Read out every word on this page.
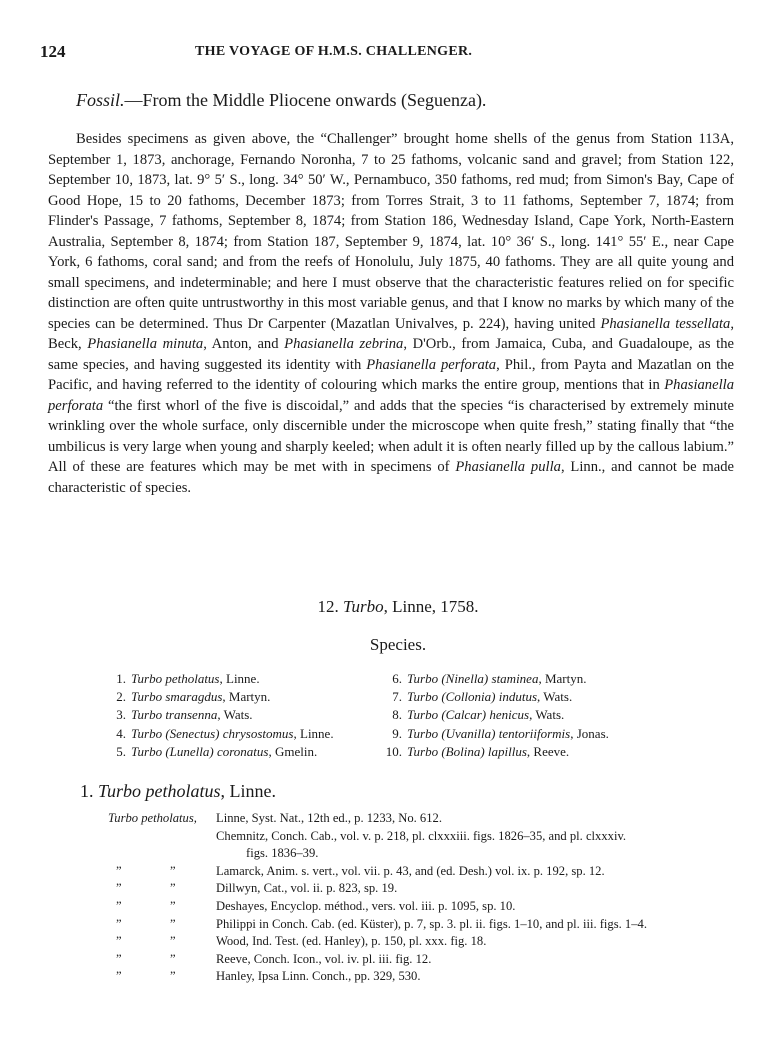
124	THE VOYAGE OF H.M.S. CHALLENGER.
Fossil.—From the Middle Pliocene onwards (Seguenza).

Besides specimens as given above, the “Challenger” brought home shells of the genus from Station 113A, September 1, 1873, anchorage, Fernando Noronha, 7 to 25 fathoms, volcanic sand and gravel; from Station 122, September 10, 1873, lat. 9° 5′ S., long. 34° 50′ W., Pernambuco, 350 fathoms, red mud; from Simon's Bay, Cape of Good Hope, 15 to 20 fathoms, December 1873; from Torres Strait, 3 to 11 fathoms, September 7, 1874; from Flinder's Passage, 7 fathoms, September 8, 1874; from Station 186, Wednesday Island, Cape York, North-Eastern Australia, September 8, 1874; from Station 187, September 9, 1874, lat. 10° 36′ S., long. 141° 55′ E., near Cape York, 6 fathoms, coral sand; and from the reefs of Honolulu, July 1875, 40 fathoms. They are all quite young and small specimens, and indeterminable; and here I must observe that the characteristic features relied on for specific distinction are often quite untrustworthy in this most variable genus, and that I know no marks by which many of the species can be determined. Thus Dr Carpenter (Mazatlan Univalves, p. 224), having united Phasianella tessellata, Beck, Phasianella minuta, Anton, and Phasianella zebrina, D'Orb., from Jamaica, Cuba, and Guadaloupe, as the same species, and having suggested its identity with Phasianella perforata, Phil., from Payta and Mazatlan on the Pacific, and having referred to the identity of colouring which marks the entire group, mentions that in Phasianella perforata “the first whorl of the five is discoidal,” and adds that the species “is characterised by extremely minute wrinkling over the whole surface, only discernible under the microscope when quite fresh,” stating finally that “the umbilicus is very large when young and sharply keeled; when adult it is often nearly filled up by the callous labium.” All of these are features which may be met with in specimens of Phasianella pulla, Linn., and cannot be made characteristic of species.

12. Turbo, Linne, 1758.
Species.
1. Turbo petholatus, Linne.
2. Turbo smaragdus, Martyn.
3. Turbo transenna, Wats.
4. Turbo (Senectus) chrysostomus, Linne.
5. Turbo (Lunella) coronatus, Gmelin.
6. Turbo (Ninella) staminea, Martyn.
7. Turbo (Collonia) indutus, Wats.
8. Turbo (Calcar) henicus, Wats.
9. Turbo (Uvanilla) tentoriiformis, Jonas.
10. Turbo (Bolina) lapillus, Reeve.
1. Turbo petholatus, Linne.
Turbo petholatus,	Linne, Syst. Nat., 12th ed., p. 1233, No. 612.
Chemnitz, Conch. Cab., vol. v. p. 218, pl. clxxxiii. figs. 1826–35, and pl. clxxxiv.
figs. 1836–39.
”	”	Lamarck, Anim. s. vert., vol. vii. p. 43, and (ed. Desh.) vol. ix. p. 192, sp. 12.
”	”	Dillwyn, Cat., vol. ii. p. 823, sp. 19.
”	”	Deshayes, Encyclop. méthod., vers. vol. iii. p. 1095, sp. 10.
”	”	Philippi in Conch. Cab. (ed. Küster), p. 7, sp. 3. pl. ii. figs. 1–10, and pl. iii. figs. 1–4.
”	”	Wood, Ind. Test. (ed. Hanley), p. 150, pl. xxx. fig. 18.
”	”	Reeve, Conch. Icon., vol. iv. pl. iii. fig. 12.
”	”	Hanley, Ipsa Linn. Conch., pp. 329, 530.
